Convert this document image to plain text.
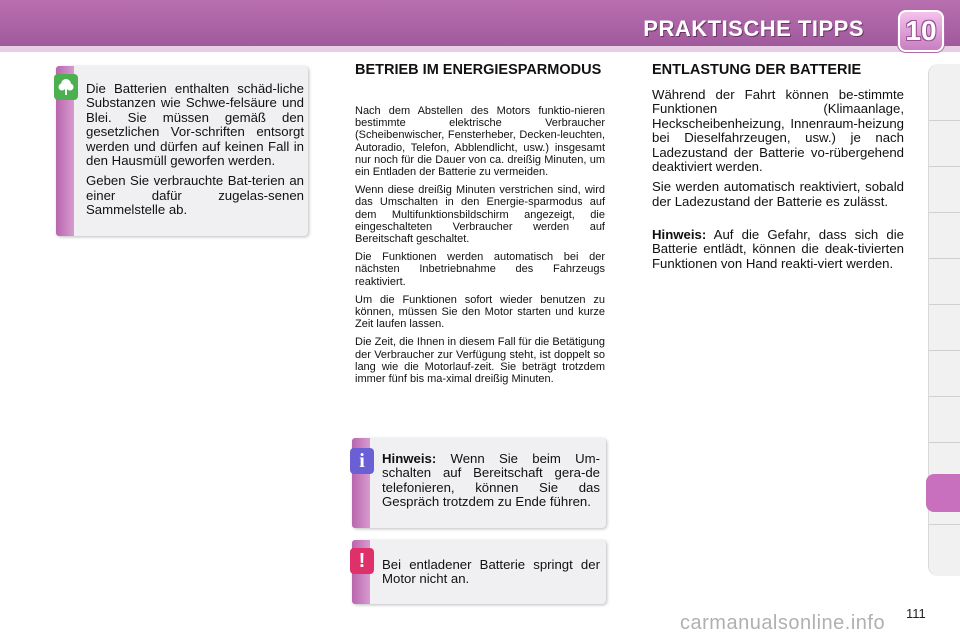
PRAKTISCHE TIPPS 10

Die Batterien enthalten schäd-liche Substanzen wie Schwe-felsäure und Blei. Sie müssen gemäß den gesetzlichen Vor-schriften entsorgt werden und dürfen auf keinen Fall in den Hausmüll geworfen werden.

Geben Sie verbrauchte Bat-terien an einer dafür zugelas-senen Sammelstelle ab.

BETRIEB IM ENERGIESPARMODUS

Nach dem Abstellen des Motors funktio-nieren bestimmte elektrische Verbraucher (Scheibenwischer, Fensterheber, Decken-leuchten, Autoradio, Telefon, Abblendlicht, usw.) insgesamt nur noch für die Dauer von ca. dreißig Minuten, um ein Entladen der Batterie zu vermeiden.

Wenn diese dreißig Minuten verstrichen sind, wird das Umschalten in den Energie-sparmodus auf dem Multifunktionsbildschirm angezeigt, die eingeschalteten Verbraucher werden auf Bereitschaft geschaltet.

Die Funktionen werden automatisch bei der nächsten Inbetriebnahme des Fahrzeugs reaktiviert.

Um die Funktionen sofort wieder benutzen zu können, müssen Sie den Motor starten und kurze Zeit laufen lassen.

Die Zeit, die Ihnen in diesem Fall für die Betätigung der Verbraucher zur Verfügung steht, ist doppelt so lang wie die Motorlauf-zeit. Sie beträgt trotzdem immer fünf bis ma-ximal dreißig Minuten.

i	Hinweis: Wenn Sie beim Um-schalten auf Bereitschaft gera-de telefonieren, können Sie das Gespräch trotzdem zu Ende führen.
!	Bei entladener Batterie springt der Motor nicht an.
ENTLASTUNG DER BATTERIE

Während der Fahrt können be-stimmte Funktionen (Klimaanlage, Heckscheibenheizung, Innenraum-heizung bei Dieselfahrzeugen, usw.) je nach Ladezustand der Batterie vo-rübergehend deaktiviert werden.

Sie werden automatisch reaktiviert, sobald der Ladezustand der Batterie es zulässt.

Hinweis: Auf die Gefahr, dass sich die Batterie entlädt, können die deak-tivierten Funktionen von Hand reakti-viert werden.
111
carmanualsonline.info
